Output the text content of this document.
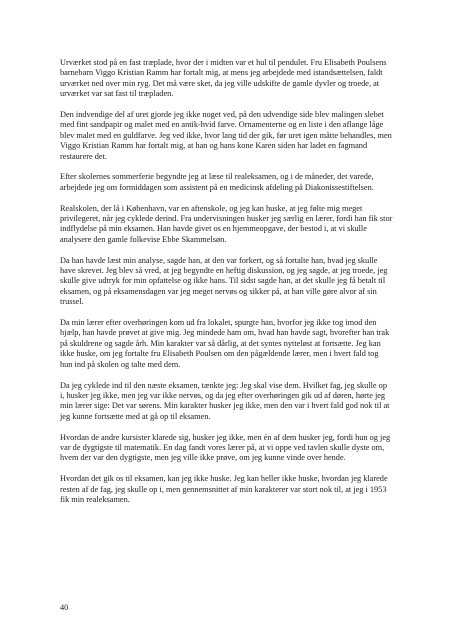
Urværket stod på en fast træplade, hvor der i midten var et hul til pendulet. Fru Elisabeth Poulsens barnebarn Viggo Kristian Ramm har fortalt mig, at mens jeg arbejdede med istandsættelsen, faldt urværket ned over min ryg. Det må være sket, da jeg ville udskifte de gamle dyvler og troede, at urværket var sat fast til træpladen.

Den indvendige del af uret gjorde jeg ikke noget ved, på den udvendige side blev malingen slebet med fint sandpapir og malet med en antik-hvid farve. Ornamenterne og en liste i den aflange låge blev malet med en guldfarve. Jeg ved ikke, hvor lang tid der gik, før uret igen måtte behandles, men Viggo Kristian Ramm har fortalt mig, at han og hans kone Karen siden har ladet en fagmand restaurere det.

Efter skolernes sommerferie begyndte jeg at læse til realeksamen, og i de måneder, det varede, arbejdede jeg om formiddagen som assistent på en medicinsk afdeling på Diakonissestiftelsen.

Realskolen, der lå i København, var en aftenskole, og jeg kan huske, at jeg følte mig meget privilegeret, når jeg cyklede derind. Fra undervisningen husker jeg særlig en lærer, fordi han fik stor indflydelse på min eksamen. Han havde givet os en hjemmeopgave, der bestod i, at vi skulle analysere den gamle folkevise Ebbe Skammelsøn.

Da han havde læst min analyse, sagde han, at den var forkert, og så fortalte han, hvad jeg skulle have skrevet. Jeg blev så vred, at jeg begyndte en heftig diskussion, og jeg sagde, at jeg troede, jeg skulle give udtryk for min opfattelse og ikke hans. Til sidst sagde han, at det skulle jeg få betalt til eksamen, og på eksamensdagen var jeg meget nervøs og sikker på, at han ville gøre alvor af sin trussel.

Da min lærer efter overhøringen kom ud fra lokalet, spurgte han, hvorfor jeg ikke tog imod den hjælp, han havde prøvet at give mig. Jeg mindede ham om, hvad han havde sagt, hvorefter han trak på skuldrene og sagde årh. Min karakter var så dårlig, at det syntes nytteløst at fortsætte. Jeg kan ikke huske, om jeg fortalte fru Elisabeth Poulsen om den pågældende lærer, men i hvert fald tog hun ind på skolen og talte med dem.

Da jeg cyklede ind til den næste eksamen, tænkte jeg: Jeg skal vise dem. Hvilket fag, jeg skulle op i, husker jeg ikke, men jeg var ikke nervøs, og da jeg efter overhøringen gik ud af døren, hørte jeg min lærer sige: Det var sørens. Min karakter husker jeg ikke, men den var i hvert fald god nok til at jeg kunne fortsætte med at gå op til eksamen.

Hvordan de andre kursister klarede sig, husker jeg ikke, men én af dem husker jeg, fordi hun og jeg var de dygtigste til matematik. En dag fandt vores lærer på, at vi oppe ved tavlen skulle dyste om, hvem der var den dygtigste, men jeg ville ikke prøve, om jeg kunne vinde over hende.

Hvordan det gik os til eksamen, kan jeg ikke huske. Jeg kan heller ikke huske, hvordan jeg klarede resten af de fag, jeg skulle op i, men gennemsnittet af min karakterer var stort nok til, at jeg i 1953 fik min realeksamen.

40
